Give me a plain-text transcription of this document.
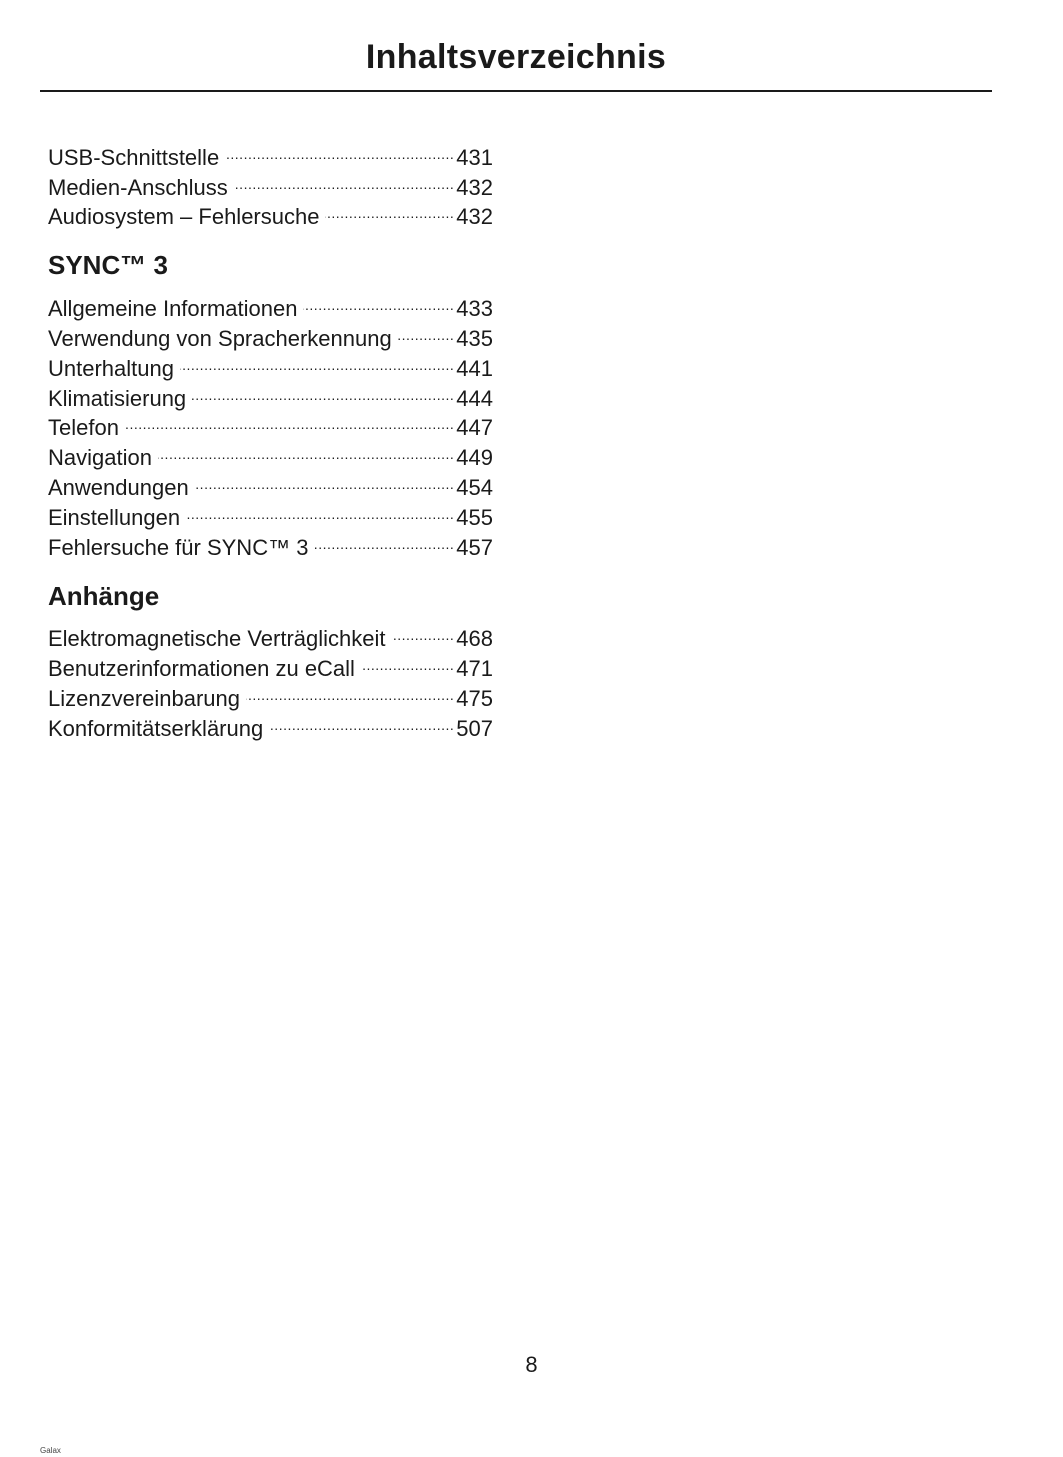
Inhaltsverzeichnis
USB-Schnittstelle .....	431
Medien-Anschluss .....	432
Audiosystem – Fehlersuche .....	432
SYNC™ 3
Allgemeine Informationen .....	433
Verwendung von Spracherkennung .....	435
Unterhaltung .....	441
Klimatisierung .....	444
Telefon .....	447
Navigation .....	449
Anwendungen .....	454
Einstellungen .....	455
Fehlersuche für SYNC™ 3 .....	457
Anhänge
Elektromagnetische Verträglichkeit .....	468
Benutzerinformationen zu eCall .....	471
Lizenzvereinbarung .....	475
Konformitätserklärung .....	507
8
Galax
